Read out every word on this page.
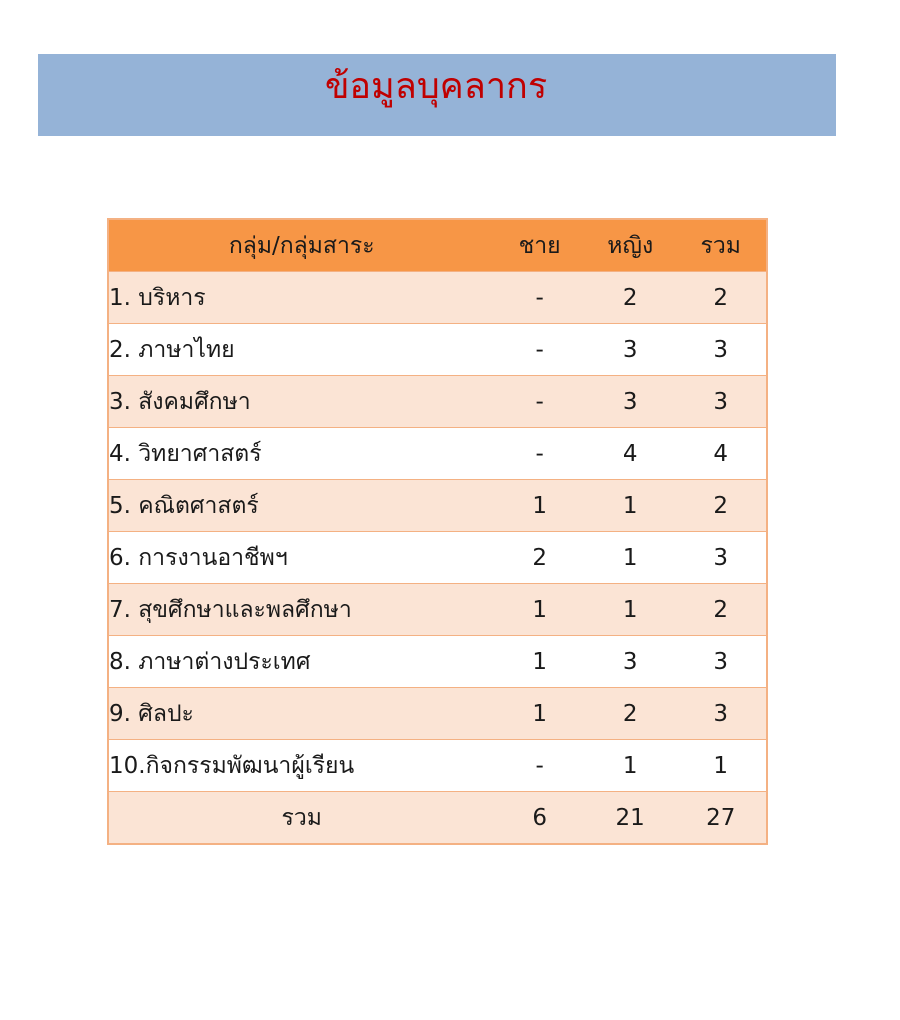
ข้อมูลบุคลากร
กลุ่ม/กลุ่มสาระ	ชาย	หญิง	รวม
1. บริหาร	-	2	2
2. ภาษาไทย	-	3	3
3. สังคมศึกษา	-	3	3
4. วิทยาศาสตร์	-	4	4
5. คณิตศาสตร์	1	1	2
6. การงานอาชีพฯ	2	1	3
7. สุขศึกษาและพลศึกษา	1	1	2
8. ภาษาต่างประเทศ	1	3	3
9. ศิลปะ	1	2	3
10.กิจกรรมพัฒนาผู้เรียน	-	1	1
รวม	6	21	27
